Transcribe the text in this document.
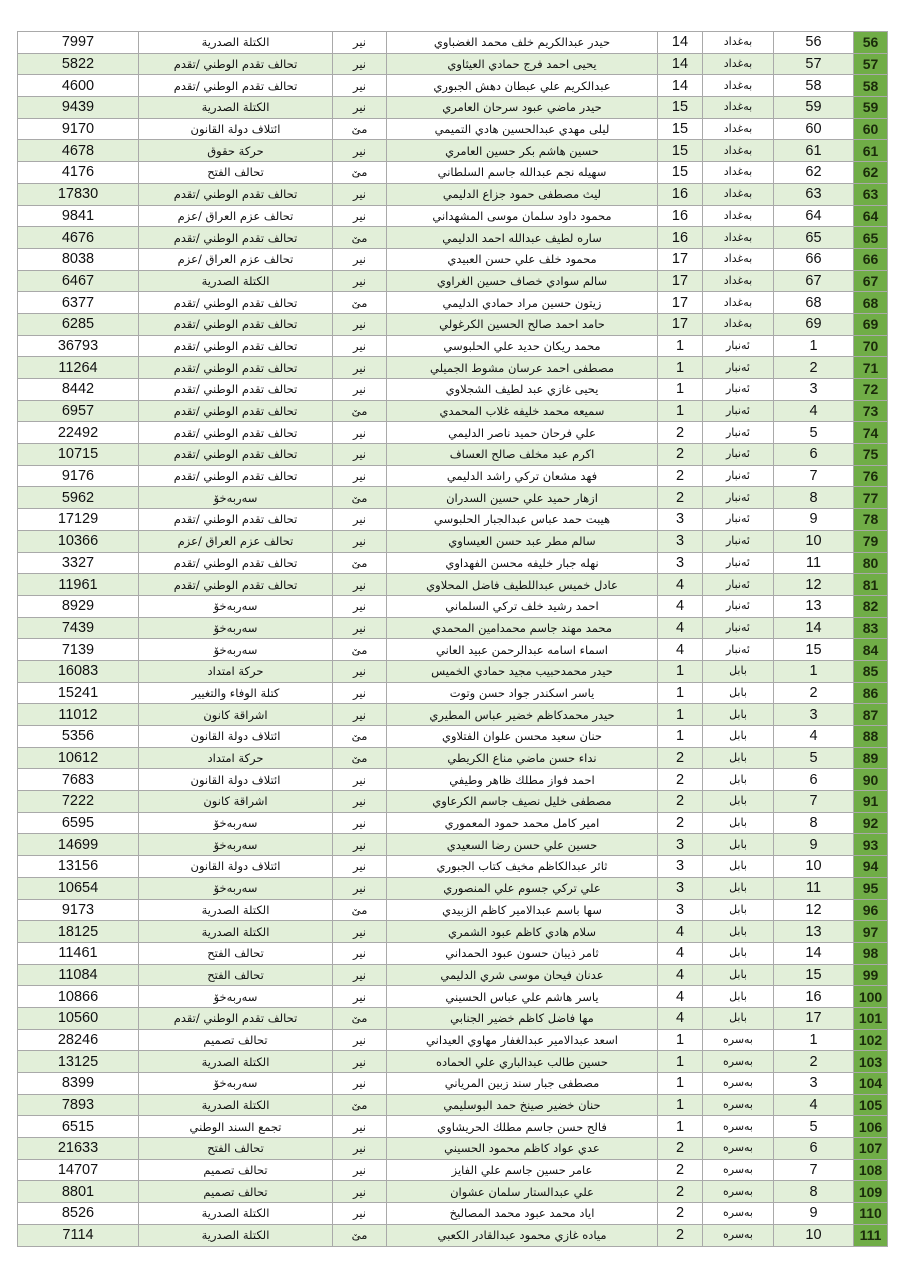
7997	الكتلة الصدرية	نير	حيدر عبدالكريم خلف محمد الغضباوي	14	بەغداد	56	56
5822	تحالف تقدم الوطني /تقدم	نير	يحيى احمد فرج حمادي العيثاوي	14	بەغداد	57	57
4600	تحالف تقدم الوطني /تقدم	نير	عبدالكريم علي عبطان دهش الجبوري	14	بەغداد	58	58
9439	الكتلة الصدرية	نير	حيدر ماضي عبود سرحان العامري	15	بەغداد	59	59
9170	ائتلاف دولة القانون	مێ	ليلى مهدي عبدالحسين هادي التميمي	15	بەغداد	60	60
4678	حركة حقوق	نير	حسين هاشم بكر حسين العامري	15	بەغداد	61	61
4176	تحالف الفتح	مێ	سهيله نجم عبدالله جاسم السلطاني	15	بەغداد	62	62
17830	تحالف تقدم الوطني /تقدم	نير	ليث مصطفى حمود جزاع الدليمي	16	بەغداد	63	63
9841	تحالف عزم العراق /عزم	نير	محمود داود سلمان موسى المشهداني	16	بەغداد	64	64
4676	تحالف تقدم الوطني /تقدم	مێ	ساره لطيف عبدالله احمد الدليمي	16	بەغداد	65	65
8038	تحالف عزم العراق /عزم	نير	محمود خلف علي حسن العبيدي	17	بەغداد	66	66
6467	الكتلة الصدرية	نير	سالم سوادي خصاف حسين الغراوي	17	بەغداد	67	67
6377	تحالف تقدم الوطني /تقدم	مێ	زيتون حسين مراد حمادي الدليمي	17	بەغداد	68	68
6285	تحالف تقدم الوطني /تقدم	نير	حامد احمد صالح الحسين الكرغولي	17	بەغداد	69	69
36793	تحالف تقدم الوطني /تقدم	نير	محمد ريكان حديد علي الحلبوسي	1	ئەنبار	1	70
11264	تحالف تقدم الوطني /تقدم	نير	مصطفى احمد عرسان مشوط الجميلي	1	ئەنبار	2	71
8442	تحالف تقدم الوطني /تقدم	نير	يحيى غازي عبد لطيف الشجلاوي	1	ئەنبار	3	72
6957	تحالف تقدم الوطني /تقدم	مێ	سميعه محمد خليفه غلاب المحمدي	1	ئەنبار	4	73
22492	تحالف تقدم الوطني /تقدم	نير	علي فرحان حميد ناصر الدليمي	2	ئەنبار	5	74
10715	تحالف تقدم الوطني /تقدم	نير	اكرم عبد مخلف صالح العساف	2	ئەنبار	6	75
9176	تحالف تقدم الوطني /تقدم	نير	فهد مشعان تركي راشد الدليمي	2	ئەنبار	7	76
5962	سەربەخۆ	مێ	ازهار حميد علي حسين السدران	2	ئەنبار	8	77
17129	تحالف تقدم الوطني /تقدم	نير	هيبت حمد عباس عبدالجبار الحلبوسي	3	ئەنبار	9	78
10366	تحالف عزم العراق /عزم	نير	سالم مطر عبد حسن العيساوي	3	ئەنبار	10	79
3327	تحالف تقدم الوطني /تقدم	مێ	نهله جبار خليفه محسن الفهداوي	3	ئەنبار	11	80
11961	تحالف تقدم الوطني /تقدم	نير	عادل خميس عبداللطيف فاضل المحلاوي	4	ئەنبار	12	81
8929	سەربەخۆ	نير	احمد رشيد خلف تركي السلماني	4	ئەنبار	13	82
7439	سەربەخۆ	نير	محمد مهند جاسم محمدامين المحمدي	4	ئەنبار	14	83
7139	سەربەخۆ	مێ	اسماء اسامه عبدالرحمن عبيد العاني	4	ئەنبار	15	84
16083	حركة امتداد	نير	حيدر محمدحبيب مجيد حمادي الخميس	1	بابل	1	85
15241	كتلة الوفاء والتغيير	نير	ياسر اسكندر جواد حسن وتوت	1	بابل	2	86
11012	اشراقة كانون	نير	حيدر محمدكاظم خضير عباس المطيري	1	بابل	3	87
5356	ائتلاف دولة القانون	مێ	حنان سعيد محسن علوان الفتلاوي	1	بابل	4	88
10612	حركة امتداد	مێ	نداء حسن ماضي مناع الكريطي	2	بابل	5	89
7683	ائتلاف دولة القانون	نير	احمد فواز مطلك ظاهر وطيفي	2	بابل	6	90
7222	اشراقة كانون	نير	مصطفى خليل نصيف جاسم الكرعاوي	2	بابل	7	91
6595	سەربەخۆ	نير	امير كامل محمد حمود المعموري	2	بابل	8	92
14699	سەربەخۆ	نير	حسين علي حسن رضا السعيدي	3	بابل	9	93
13156	ائتلاف دولة القانون	نير	ثائر عبدالكاظم مخيف كتاب الجبوري	3	بابل	10	94
10654	سەربەخۆ	نير	علي تركي جسوم علي المنصوري	3	بابل	11	95
9173	الكتلة الصدرية	مێ	سها باسم عبدالامير كاظم الزبيدي	3	بابل	12	96
18125	الكتلة الصدرية	نير	سلام هادي كاظم عبود الشمري	4	بابل	13	97
11461	تحالف الفتح	نير	ثامر ذيبان حسون عبود الحمداني	4	بابل	14	98
11084	تحالف الفتح	نير	عدنان فيحان موسى شري الدليمي	4	بابل	15	99
10866	سەربەخۆ	نير	ياسر هاشم علي عباس الحسيني	4	بابل	16	100
10560	تحالف تقدم الوطني /تقدم	مێ	مها فاضل كاظم خضير الجنابي	4	بابل	17	101
28246	تحالف تصميم	نير	اسعد عبدالامير عبدالغفار مهاوي العيداني	1	بەسرە	1	102
13125	الكتلة الصدرية	نير	حسين طالب عبدالباري علي الحماده	1	بەسرە	2	103
8399	سەربەخۆ	نير	مصطفى جبار سند زبين المرياني	1	بەسرە	3	104
7893	الكتلة الصدرية	مێ	حنان خضير صينخ حمد البوسليمي	1	بەسرە	4	105
6515	تجمع السند الوطني	نير	فالح حسن جاسم مطلك الحريشاوي	1	بەسرە	5	106
21633	تحالف الفتح	نير	عدي عواد كاظم محمود الحسيني	2	بەسرە	6	107
14707	تحالف تصميم	نير	عامر حسين جاسم علي الفايز	2	بەسرە	7	108
8801	تحالف تصميم	نير	علي عبدالستار سلمان عشوان	2	بەسرە	8	109
8526	الكتلة الصدرية	نير	اياد محمد عبود محمد المصاليخ	2	بەسرە	9	110
7114	الكتلة الصدرية	مێ	مياده غازي محمود عبدالقادر الكعبي	2	بەسرە	10	111
